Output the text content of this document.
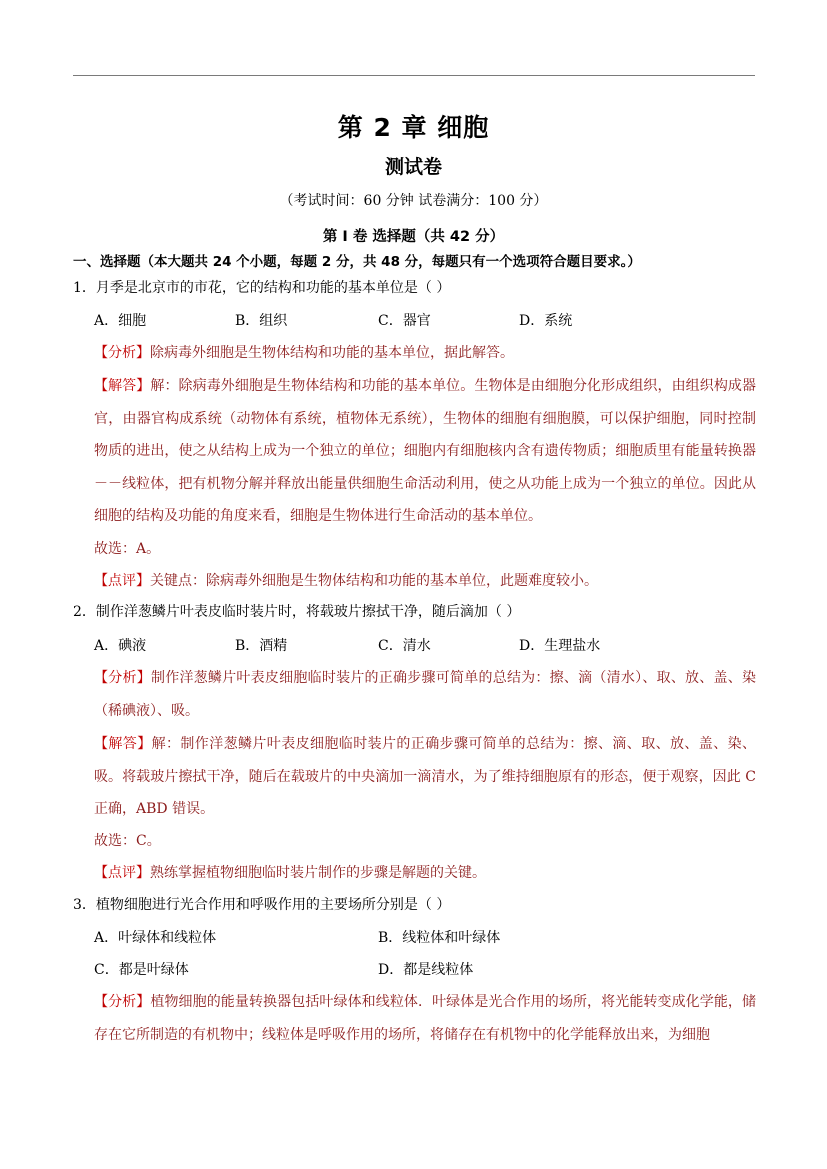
第 2 章 细胞
测试卷
（考试时间：60 分钟 试卷满分：100 分）
第 Ⅰ 卷 选择题（共 42 分）
一、选择题（本大题共 24 个小题，每题 2 分，共 48 分，每题只有一个选项符合题目要求。）
1．月季是北京市的市花，它的结构和功能的基本单位是（ ）
A．细胞	B．组织	C．器官	D．系统
【分析】除病毒外细胞是生物体结构和功能的基本单位，据此解答。
【解答】解：除病毒外细胞是生物体结构和功能的基本单位。生物体是由细胞分化形成组织，由组织构成器官，由器官构成系统（动物体有系统，植物体无系统），生物体的细胞有细胞膜，可以保护细胞，同时控制物质的进出，使之从结构上成为一个独立的单位；细胞内有细胞核内含有遗传物质；细胞质里有能量转换器－－线粒体，把有机物分解并释放出能量供细胞生命活动利用，使之从功能上成为一个独立的单位。因此从细胞的结构及功能的角度来看，细胞是生物体进行生命活动的基本单位。
故选：A。
【点评】关键点：除病毒外细胞是生物体结构和功能的基本单位，此题难度较小。
2．制作洋葱鳞片叶表皮临时装片时，将载玻片擦拭干净，随后滴加（ ）
A．碘液	B．酒精	C．清水	D．生理盐水
【分析】制作洋葱鳞片叶表皮细胞临时装片的正确步骤可简单的总结为：擦、滴（清水）、取、放、盖、染（稀碘液）、吸。
【解答】解：制作洋葱鳞片叶表皮细胞临时装片的正确步骤可简单的总结为：擦、滴、取、放、盖、染、吸。将载玻片擦拭干净，随后在载玻片的中央滴加一滴清水，为了维持细胞原有的形态，便于观察，因此 C 正确，ABD 错误。
故选：C。
【点评】熟练掌握植物细胞临时装片制作的步骤是解题的关键。
3．植物细胞进行光合作用和呼吸作用的主要场所分别是（ ）
A．叶绿体和线粒体	B．线粒体和叶绿体
C．都是叶绿体	D．都是线粒体
【分析】植物细胞的能量转换器包括叶绿体和线粒体．叶绿体是光合作用的场所，将光能转变成化学能，储存在它所制造的有机物中；线粒体是呼吸作用的场所，将储存在有机物中的化学能释放出来，为细胞
